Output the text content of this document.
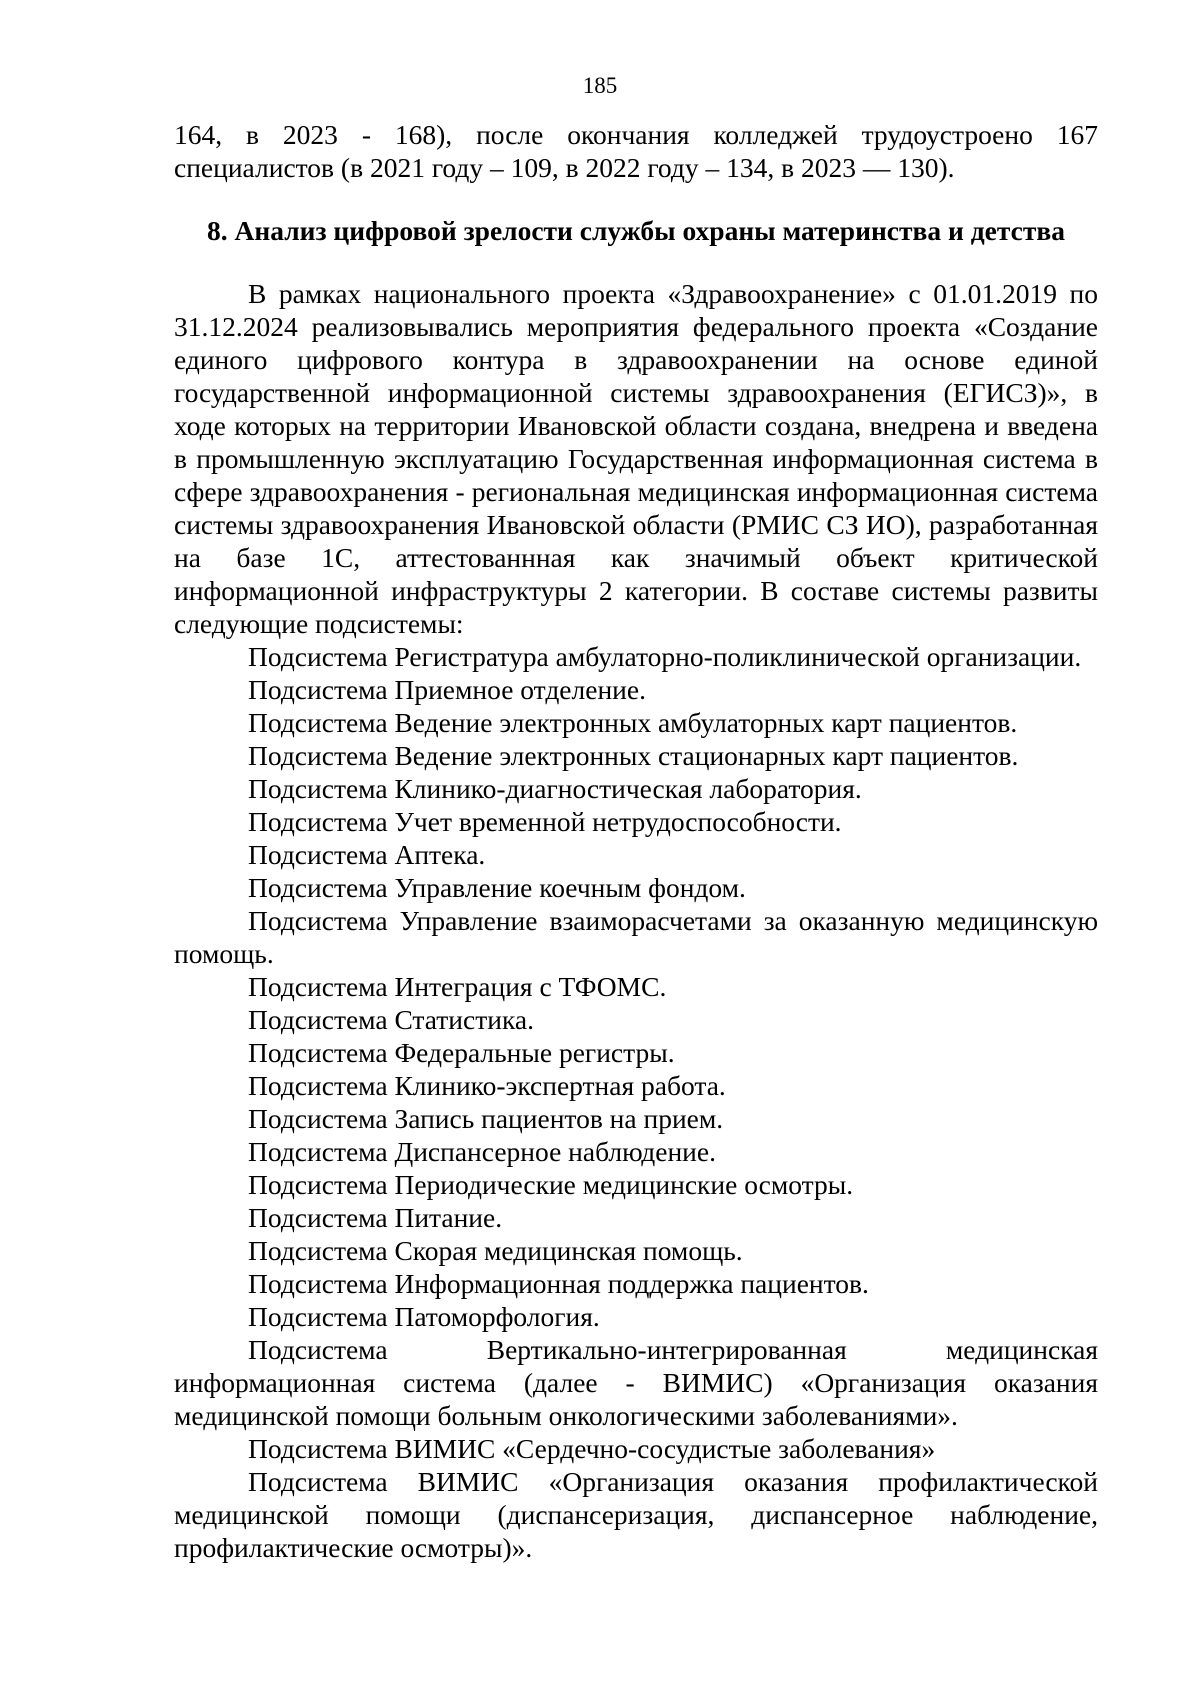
185

164, в 2023 - 168), после окончания колледжей трудоустроено 167 специалистов (в 2021 году – 109, в 2022 году – 134, в 2023 — 130).

8. Анализ цифровой зрелости службы охраны материнства и детства

В рамках национального проекта «Здравоохранение» с 01.01.2019 по 31.12.2024 реализовывались мероприятия федерального проекта «Создание единого цифрового контура в здравоохранении на основе единой государственной информационной системы здравоохранения (ЕГИСЗ)», в ходе которых на территории Ивановской области создана, внедрена и введена в промышленную эксплуатацию Государственная информационная система в сфере здравоохранения - региональная медицинская информационная система системы здравоохранения Ивановской области (РМИС СЗ ИО), разработанная на базе 1С, аттестованнная как значимый объект критической информационной инфраструктуры 2 категории. В составе системы развиты следующие подсистемы:

Подсистема Регистратура амбулаторно-поликлинической организации.

Подсистема Приемное отделение.

Подсистема Ведение электронных амбулаторных карт пациентов.

Подсистема Ведение электронных стационарных карт пациентов.

Подсистема Клинико-диагностическая лаборатория.

Подсистема Учет временной нетрудоспособности.

Подсистема Аптека.

Подсистема Управление коечным фондом.

Подсистема Управление взаиморасчетами за оказанную медицинскую помощь.

Подсистема Интеграция с ТФОМС.

Подсистема Статистика.

Подсистема Федеральные регистры.

Подсистема Клинико-экспертная работа.

Подсистема Запись пациентов на прием.

Подсистема Диспансерное наблюдение.

Подсистема Периодические медицинские осмотры.

Подсистема Питание.

Подсистема Скорая медицинская помощь.

Подсистема Информационная поддержка пациентов.

Подсистема Патоморфология.

Подсистема Вертикально-интегрированная медицинская информационная система (далее - ВИМИС) «Организация оказания медицинской помощи больным онкологическими заболеваниями».

Подсистема ВИМИС «Сердечно-сосудистые заболевания»

Подсистема ВИМИС «Организация оказания профилактической медицинской помощи (диспансеризация, диспансерное наблюдение, профилактические осмотры)».
